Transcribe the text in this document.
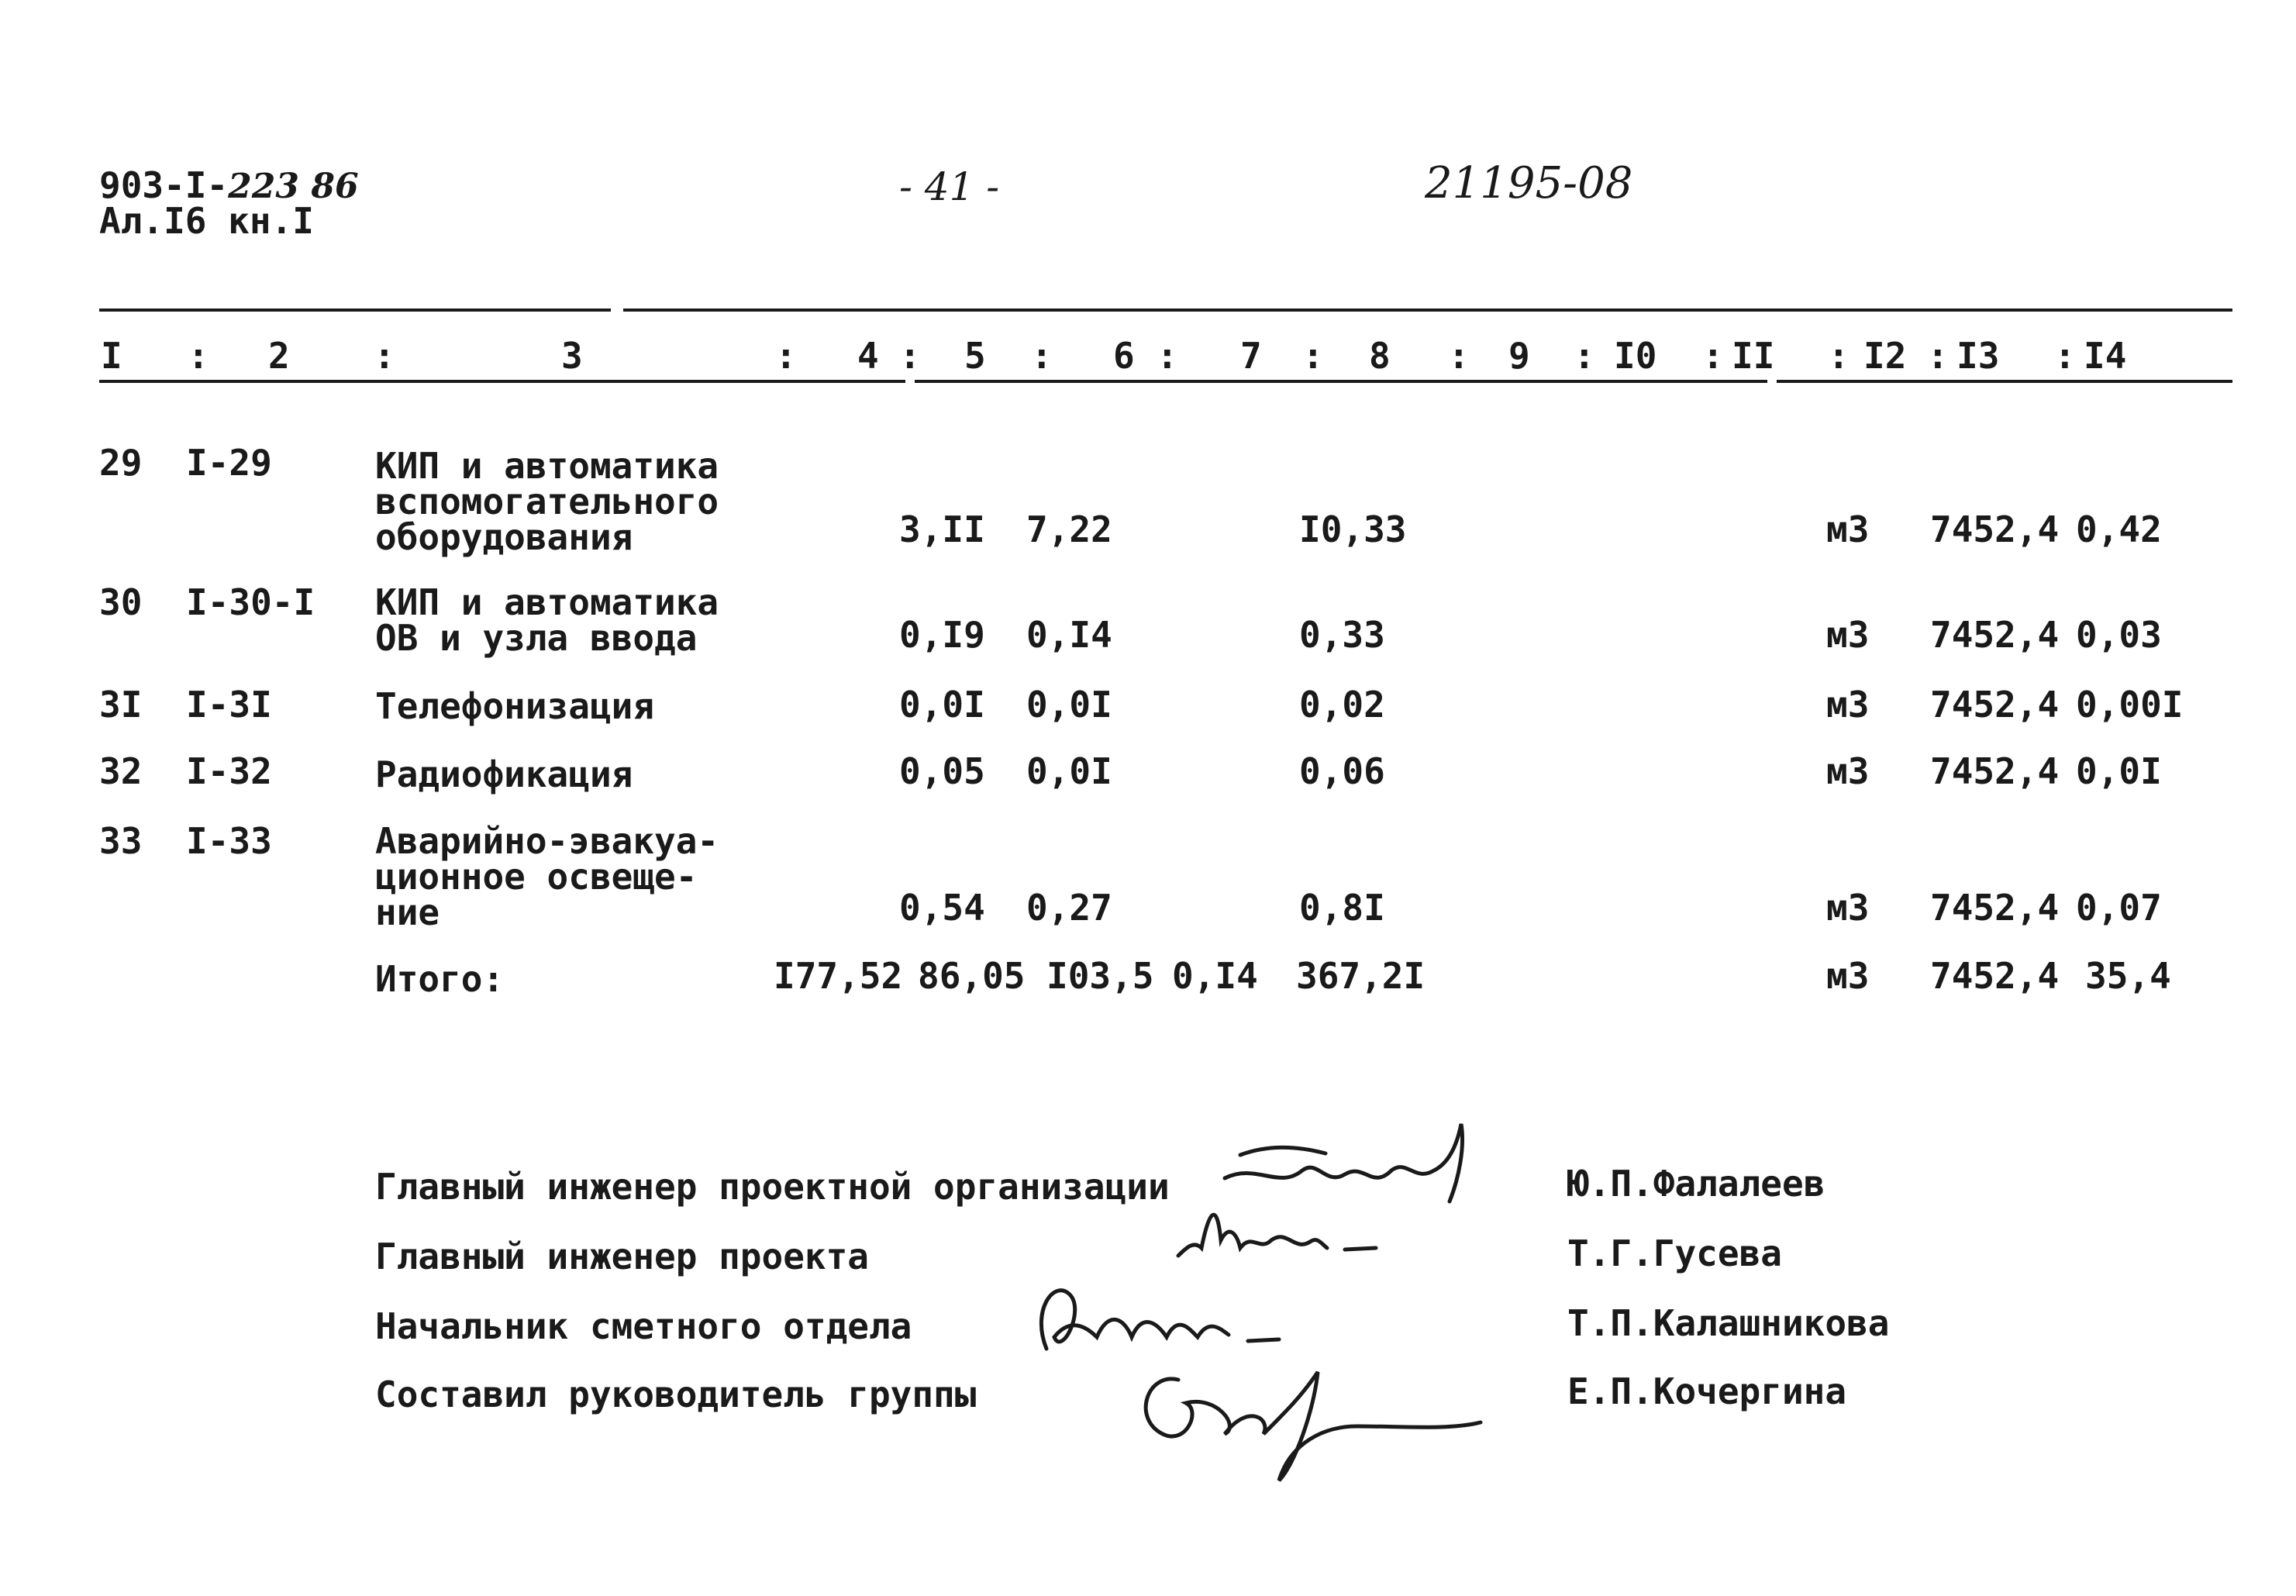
903-I-223 86
Ал.I6 кн.I
- 41 -	21195-08
I : 2 :	3	: 4 : 5 : 6 : 7 : 8 : 9 : I0 : II : I2 : I3 : I4
29 I-29	КИП и автоматика
вспомогательного
оборудования	3,II 7,22	I0,33	м3 7452,4 0,42
30 I-30-I КИП и автоматика
ОВ и узла ввода	0,I9 0,I4	0,33	м3 7452,4 0,03
3I I-3I	Телефонизация	0,0I 0,0I	0,02	м3 7452,4 0,00I
32 I-32	Радиофикация	0,05 0,0I	0,06	м3 7452,4 0,0I
33 I-33	Аварийно-эвакуа-
ционное освеще-
ние	0,54 0,27	0,8I	м3 7452,4 0,07
Итого:	I77,52 86,05 I03,5 0,I4 367,2I	м3 7452,4 35,4
Главный инженер проектной организации	Ю.П.Фалалеев
Главный инженер проекта	Т.Г.Гусева
Начальник сметного отдела	Т.П.Калашникова
Составил руководитель группы	Е.П.Кочергина
